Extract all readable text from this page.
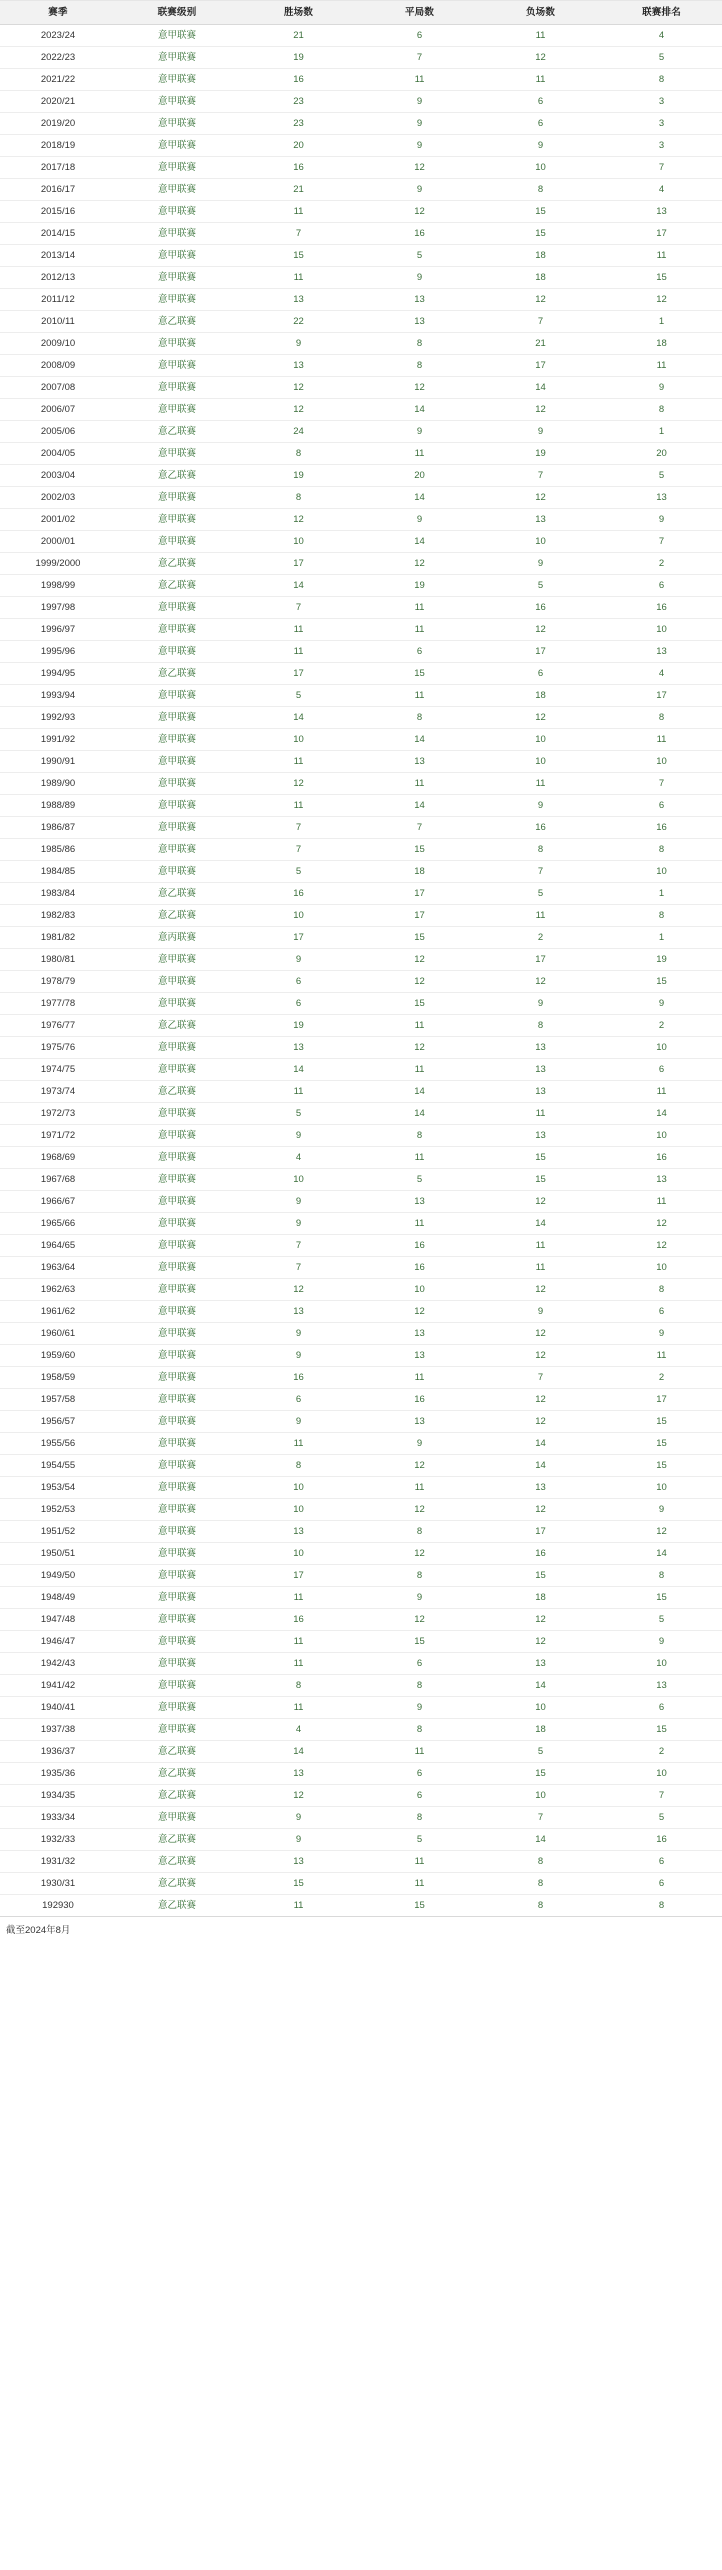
赛季	联赛级别	胜场数	平局数	负场数	联赛排名
2023/24	意甲联赛	21	6	11	4
2022/23	意甲联赛	19	7	12	5
2021/22	意甲联赛	16	11	11	8
2020/21	意甲联赛	23	9	6	3
2019/20	意甲联赛	23	9	6	3
2018/19	意甲联赛	20	9	9	3
2017/18	意甲联赛	16	12	10	7
2016/17	意甲联赛	21	9	8	4
2015/16	意甲联赛	11	12	15	13
2014/15	意甲联赛	7	16	15	17
2013/14	意甲联赛	15	5	18	11
2012/13	意甲联赛	11	9	18	15
2011/12	意甲联赛	13	13	12	12
2010/11	意乙联赛	22	13	7	1
2009/10	意甲联赛	9	8	21	18
2008/09	意甲联赛	13	8	17	11
2007/08	意甲联赛	12	12	14	9
2006/07	意甲联赛	12	14	12	8
2005/06	意乙联赛	24	9	9	1
2004/05	意甲联赛	8	11	19	20
2003/04	意乙联赛	19	20	7	5
2002/03	意甲联赛	8	14	12	13
2001/02	意甲联赛	12	9	13	9
2000/01	意甲联赛	10	14	10	7
1999/2000	意乙联赛	17	12	9	2
1998/99	意乙联赛	14	19	5	6
1997/98	意甲联赛	7	11	16	16
1996/97	意甲联赛	11	11	12	10
1995/96	意甲联赛	11	6	17	13
1994/95	意乙联赛	17	15	6	4
1993/94	意甲联赛	5	11	18	17
1992/93	意甲联赛	14	8	12	8
1991/92	意甲联赛	10	14	10	11
1990/91	意甲联赛	11	13	10	10
1989/90	意甲联赛	12	11	11	7
1988/89	意甲联赛	11	14	9	6
1986/87	意甲联赛	7	7	16	16
1985/86	意甲联赛	7	15	8	8
1984/85	意甲联赛	5	18	7	10
1983/84	意乙联赛	16	17	5	1
1982/83	意乙联赛	10	17	11	8
1981/82	意丙联赛	17	15	2	1
1980/81	意甲联赛	9	12	17	19
1978/79	意甲联赛	6	12	12	15
1977/78	意甲联赛	6	15	9	9
1976/77	意乙联赛	19	11	8	2
1975/76	意甲联赛	13	12	13	10
1974/75	意甲联赛	14	11	13	6
1973/74	意乙联赛	11	14	13	11
1972/73	意甲联赛	5	14	11	14
1971/72	意甲联赛	9	8	13	10
1968/69	意甲联赛	4	11	15	16
1967/68	意甲联赛	10	5	15	13
1966/67	意甲联赛	9	13	12	11
1965/66	意甲联赛	9	11	14	12
1964/65	意甲联赛	7	16	11	12
1963/64	意甲联赛	7	16	11	10
1962/63	意甲联赛	12	10	12	8
1961/62	意甲联赛	13	12	9	6
1960/61	意甲联赛	9	13	12	9
1959/60	意甲联赛	9	13	12	11
1958/59	意甲联赛	16	11	7	2
1957/58	意甲联赛	6	16	12	17
1956/57	意甲联赛	9	13	12	15
1955/56	意甲联赛	11	9	14	15
1954/55	意甲联赛	8	12	14	15
1953/54	意甲联赛	10	11	13	10
1952/53	意甲联赛	10	12	12	9
1951/52	意甲联赛	13	8	17	12
1950/51	意甲联赛	10	12	16	14
1949/50	意甲联赛	17	8	15	8
1948/49	意甲联赛	11	9	18	15
1947/48	意甲联赛	16	12	12	5
1946/47	意甲联赛	11	15	12	9
1942/43	意甲联赛	11	6	13	10
1941/42	意甲联赛	8	8	14	13
1940/41	意甲联赛	11	9	10	6
1937/38	意甲联赛	4	8	18	15
1936/37	意乙联赛	14	11	5	2
1935/36	意乙联赛	13	6	15	10
1934/35	意乙联赛	12	6	10	7
1933/34	意甲联赛	9	8	7	5
1932/33	意乙联赛	9	5	14	16
1931/32	意乙联赛	13	11	8	6
1930/31	意乙联赛	15	11	8	6
192930	意乙联赛	11	15	8	8
截至2024年8月
